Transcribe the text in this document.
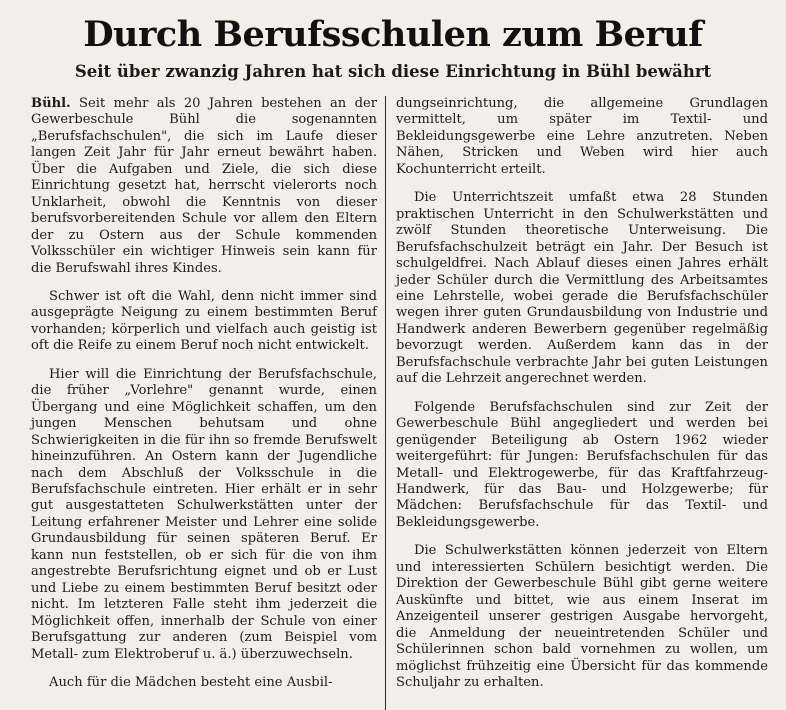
Durch Berufsschulen zum Beruf
Seit über zwanzig Jahren hat sich diese Einrichtung in Bühl bewährt

Bühl. Seit mehr als 20 Jahren bestehen an der Gewerbeschule Bühl die sogenannten „Berufsfachschulen", die sich im Laufe dieser langen Zeit Jahr für Jahr erneut bewährt haben. Über die Aufgaben und Ziele, die sich diese Einrichtung gesetzt hat, herrscht vielerorts noch Unklarheit, obwohl die Kenntnis von dieser berufsvorbereitenden Schule vor allem den Eltern der zu Ostern aus der Schule kommenden Volksschüler ein wichtiger Hinweis sein kann für die Berufswahl ihres Kindes.

Schwer ist oft die Wahl, denn nicht immer sind ausgeprägte Neigung zu einem bestimmten Beruf vorhanden; körperlich und vielfach auch geistig ist oft die Reife zu einem Beruf noch nicht entwickelt.

Hier will die Einrichtung der Berufsfachschule, die früher „Vorlehre" genannt wurde, einen Übergang und eine Möglichkeit schaffen, um den jungen Menschen behutsam und ohne Schwierigkeiten in die für ihn so fremde Berufswelt hineinzuführen. An Ostern kann der Jugendliche nach dem Abschluß der Volksschule in die Berufsfachschule eintreten. Hier erhält er in sehr gut ausgestatteten Schulwerkstätten unter der Leitung erfahrener Meister und Lehrer eine solide Grundausbildung für seinen späteren Beruf. Er kann nun feststellen, ob er sich für die von ihm angestrebte Berufsrichtung eignet und ob er Lust und Liebe zu einem bestimmten Beruf besitzt oder nicht. Im letzteren Falle steht ihm jederzeit die Möglichkeit offen, innerhalb der Schule von einer Berufsgattung zur anderen (zum Beispiel vom Metall- zum Elektroberuf u. ä.) überzuwechseln.

Auch für die Mädchen besteht eine Ausbil-

dungseinrichtung, die allgemeine Grundlagen vermittelt, um später im Textil- und Bekleidungsgewerbe eine Lehre anzutreten. Neben Nähen, Stricken und Weben wird hier auch Kochunterricht erteilt.

Die Unterrichtszeit umfaßt etwa 28 Stunden praktischen Unterricht in den Schulwerkstätten und zwölf Stunden theoretische Unterweisung. Die Berufsfachschulzeit beträgt ein Jahr. Der Besuch ist schulgeldfrei. Nach Ablauf dieses einen Jahres erhält jeder Schüler durch die Vermittlung des Arbeitsamtes eine Lehrstelle, wobei gerade die Berufsfachschüler wegen ihrer guten Grundausbildung von Industrie und Handwerk anderen Bewerbern gegenüber regelmäßig bevorzugt werden. Außerdem kann das in der Berufsfachschule verbrachte Jahr bei guten Leistungen auf die Lehrzeit angerechnet werden.

Folgende Berufsfachschulen sind zur Zeit der Gewerbeschule Bühl angegliedert und werden bei genügender Beteiligung ab Ostern 1962 wieder weitergeführt: für Jungen: Berufsfachschulen für das Metall- und Elektrogewerbe, für das Kraftfahrzeug-Handwerk, für das Bau- und Holzgewerbe; für Mädchen: Berufsfachschule für das Textil- und Bekleidungsgewerbe.

Die Schulwerkstätten können jederzeit von Eltern und interessierten Schülern besichtigt werden. Die Direktion der Gewerbeschule Bühl gibt gerne weitere Auskünfte und bittet, wie aus einem Inserat im Anzeigenteil unserer gestrigen Ausgabe hervorgeht, die Anmeldung der neueintretenden Schüler und Schülerinnen schon bald vornehmen zu wollen, um möglichst frühzeitig eine Übersicht für das kommende Schuljahr zu erhalten.
